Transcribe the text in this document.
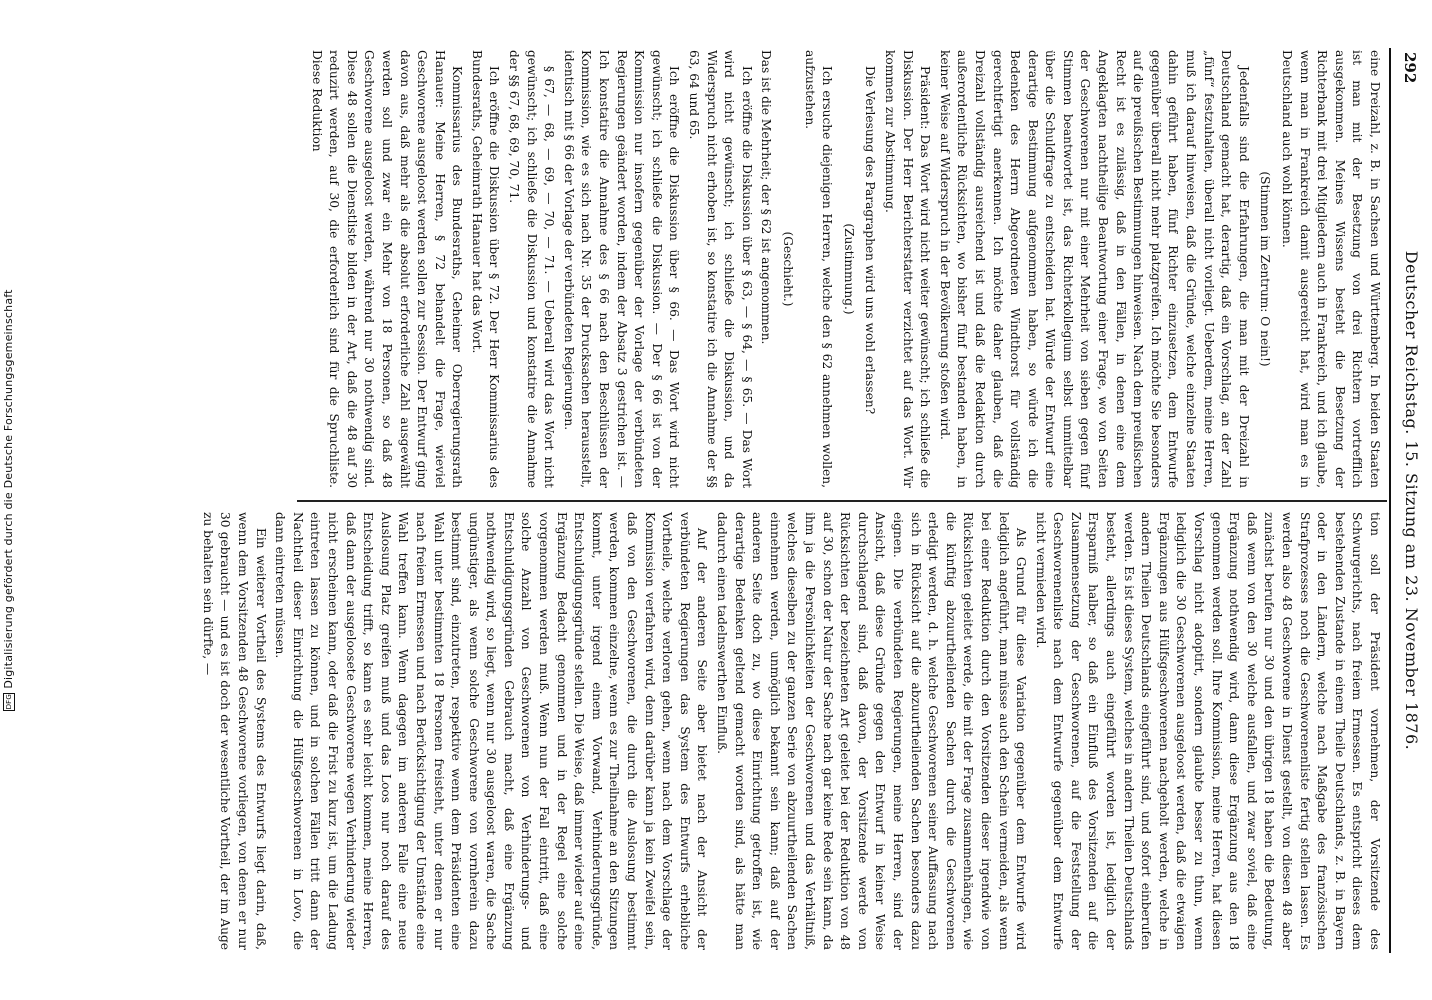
DFGDigitalisierung gefördert durch die Deutsche Forschungsgemeinschaft
292
Deutscher Reichstag. 15. Sitzung am 23. November 1876.

eine Dreizahl, z. B. in Sachsen und Württemberg. In beiden Staaten ist man mit der Besetzung von drei Richtern vortrefflich ausgekommen. Meines Wissens besteht die Besetzung der Richterbank mit drei Mitgliedern auch in Frankreich, und ich glaube, wenn man in Frankreich damit ausgereicht hat, wird man es in Deutschland auch wohl können.

(Stimmen im Zentrum: O nein!)

Jedenfalls sind die Erfahrungen, die man mit der Dreizahl in Deutschland gemacht hat, derartig, daß ein Vorschlag, an der Zahl „fünf“ festzuhalten, überall nicht vorliegt. Ueberdem, meine Herren, muß ich darauf hinweisen, daß die Gründe, welche einzelne Staaten dahin geführt haben, fünf Richter einzusetzen, dem Entwurfe gegenüber überall nicht mehr platzgreifen. Ich möchte Sie besonders auf die preußischen Bestimmungen hinweisen. Nach dem preußischen Recht ist es zulässig, daß in den Fällen, in denen eine dem Angeklagten nachtheilige Beantwortung einer Frage, wo von Seiten der Geschworenen nur mit einer Mehrheit von sieben gegen fünf Stimmen beantwortet ist, das Richterkollegium selbst unmittelbar über die Schuldfrage zu entscheiden hat. Würde der Entwurf eine derartige Bestimmung aufgenommen haben, so würde ich die Bedenken des Herrn Abgeordneten Windthorst für vollständig gerechtfertigt anerkennen. Ich möchte daher glauben, daß die Dreizahl vollständig ausreichend ist und daß die Redaktion durch außerordentliche Rücksichten, wo bisher fünf bestanden haben, in keiner Weise auf Widerspruch in der Bevölkerung stoßen wird.

Präsident: Das Wort wird nicht weiter gewünscht; ich schließe die Diskussion. Der Herr Berichterstatter verzichtet auf das Wort. Wir kommen zur Abstimmung.

Die Verlesung des Paragraphen wird uns wohl erlassen?

(Zustimmung.)

Ich ersuche diejenigen Herren, welche den § 62 annehmen wollen, aufzustehen.

(Geschieht.)

Das ist die Mehrheit; der § 62 ist angenommen.

Ich eröffne die Diskussion über § 63, — § 64, — § 65. — Das Wort wird nicht gewünscht; ich schließe die Diskussion, und da Widerspruch nicht erhoben ist, so konstatire ich die Annahme der §§ 63, 64 und 65.

Ich eröffne die Diskussion über § 66. — Das Wort wird nicht gewünscht; ich schließe die Diskussion. — Der § 66 ist von der Kommission nur insofern gegenüber der Vorlage der verbündeten Regierungen geändert worden, indem der Absatz 3 gestrichen ist. — Ich konstatire die Annahme des § 66 nach den Beschlüssen der Kommission, wie es sich nach Nr. 35 der Drucksachen herausstellt, identisch mit § 66 der Vorlage der verbündeten Regierungen.

§ 67, — 68, — 69, — 70, — 71. — Ueberall wird das Wort nicht gewünscht; ich schließe die Diskussion und konstatire die Annahme der §§ 67, 68, 69, 70, 71.

Ich eröffne die Diskussion über § 72. Der Herr Kommissarius des Bundesraths, Geheimrath Hanauer hat das Wort.

Kommissarius des Bundesraths, Geheimer Oberregierungsrath Hanauer: Meine Herren, § 72 behandelt die Frage, wieviel Geschworene ausgeloost werden sollen zur Session. Der Entwurf ging davon aus, daß mehr als die absolut erforderliche Zahl ausgewählt werden soll und zwar ein Mehr von 18 Personen, so daß 48 Geschworene ausgeloost werden, während nur 30 nothwendig sind. Diese 48 sollen die Dienstliste bilden in der Art, daß die 48 auf 30 reduzirt werden, auf 30, die erforderlich sind für die Spruchliste. Diese Reduktion

tion soll der Präsident vornehmen, der Vorsitzende des Schwurgerichts, nach freiem Ermessen. Es entspricht dieses dem bestehenden Zustande in einem Theile Deutschlands, z. B. in Bayern oder in den Ländern, welche nach Maßgabe des französischen Strafprozesses noch die Geschworenenliste fertig stellen lassen. Es werden also 48 Geschworene in Dienst gestellt, von diesen 48 aber zunächst berufen nur 30 und den übrigen 18 haben die Bedeutung, daß wenn von den 30 welche ausfallen, und zwar soviel, daß eine Ergänzung nothwendig wird, dann diese Ergänzung aus den 18 genommen werden soll. Ihre Kommission, meine Herren, hat diesen Vorschlag nicht adoptirt, sondern glaubte besser zu thun, wenn lediglich die 30 Geschworenen ausgeloost werden, daß die etwaigen Ergänzungen aus Hülfsgeschworenen nachgeholt werden, welche in andern Theilen Deutschlands eingeführt sind, und sofort einberufen werden. Es ist dieses System, welches in andern Theilen Deutschlands besteht, allerdings auch eingeführt worden ist, lediglich der Ersparniß halber, so daß ein Einfluß des Vorsitzenden auf die Zusammensetzung der Geschworenen, auf die Feststellung der Geschworenenliste nach dem Entwurfe gegenüber dem Entwurfe nicht vermieden wird.

Als Grund für diese Variation gegenüber dem Entwurfe wird lediglich angeführt, man müsse auch den Schein vermeiden, als wenn bei einer Reduktion durch den Vorsitzenden dieser irgendwie von Rücksichten geleitet werde, die mit der Frage zusammenhängen, wie die künftig abzuurtheilenden Sachen durch die Geschworenen erledigt werden, d. h. welche Geschworenen seiner Auffassung nach sich in Rücksicht auf die abzuurtheilenden Sachen besonders dazu eignen. Die verbündeten Regierungen, meine Herren, sind der Ansicht, daß diese Gründe gegen den Entwurf in keiner Weise durchschlagend sind, daß davon, der Vorsitzende werde von Rücksichten der bezeichneten Art geleitet bei der Reduktion von 48 auf 30, schon der Natur der Sache nach gar keine Rede sein kann, da ihm ja die Persönlichkeiten der Geschworenen und das Verhältniß, welches dieselben zu der ganzen Serie von abzuurtheilenden Sachen einnehmen werden, unmöglich bekannt sein kann; daß auf der anderen Seite doch zu, wo diese Einrichtung getroffen ist, wie derartige Bedenken geltend gemacht worden sind, als hätte man dadurch einen tadelnswerthen Einfluß.

Auf der anderen Seite aber bietet nach der Ansicht der verbündeten Regierungen das System des Entwurfs erhebliche Vortheile, welche verloren gehen, wenn nach dem Vorschlage der Kommission verfahren wird, denn darüber kann ja kein Zweifel sein, daß von den Geschworenen, die durch die Auslosung bestimmt werden, kommen einzelne, wenn es zur Theilnahme an den Sitzungen kommt, unter irgend einem Vorwand, Verhinderungsgründe, Entschuldigungsgründe stellen. Die Weise, daß immer wieder auf eine Ergänzung Bedacht genommen und in der Regel eine solche vorgenommen werden muß. Wenn nun der Fall eintritt, daß eine solche Anzahl von Geschworenen von Verhinderungs- und Entschuldigungsgründen Gebrauch macht, daß eine Ergänzung nothwendig wird, so liegt, wenn nur 30 ausgeloost waren, die Sache ungünstiger, als wenn solche Geschworene von vornherein dazu bestimmt sind, einzutreten, respektive wenn dem Präsidenten eine Wahl unter bestimmten 18 Personen freisteht, unter denen er nur nach freiem Ermessen und nach Berücksichtigung der Umstände eine Wahl treffen kann. Wenn dagegen im anderen Falle eine neue Auslosung Platz greifen muß und das Loos nur noch darauf des Entscheidung trifft, so kann es sehr leicht kommen, meine Herren, daß dann der ausgeloosete Geschworene wegen Verhinderung wieder nicht erscheinen kann, oder daß die Frist zu kurz ist, um die Ladung eintreten lassen zu können, und in solchen Fällen tritt dann der Nachtheil dieser Einrichtung die Hülfsgeschworenen in Lovo, die dann eintreten müssen.

Ein weiterer Vortheil des Systems des Entwurfs liegt darin, daß, wenn dem Vorsitzenden 48 Geschworene vorliegen, von denen er nur 30 gebraucht — und es ist doch der wesentliche Vortheil, der im Auge zu behalten sein dürfte, —
